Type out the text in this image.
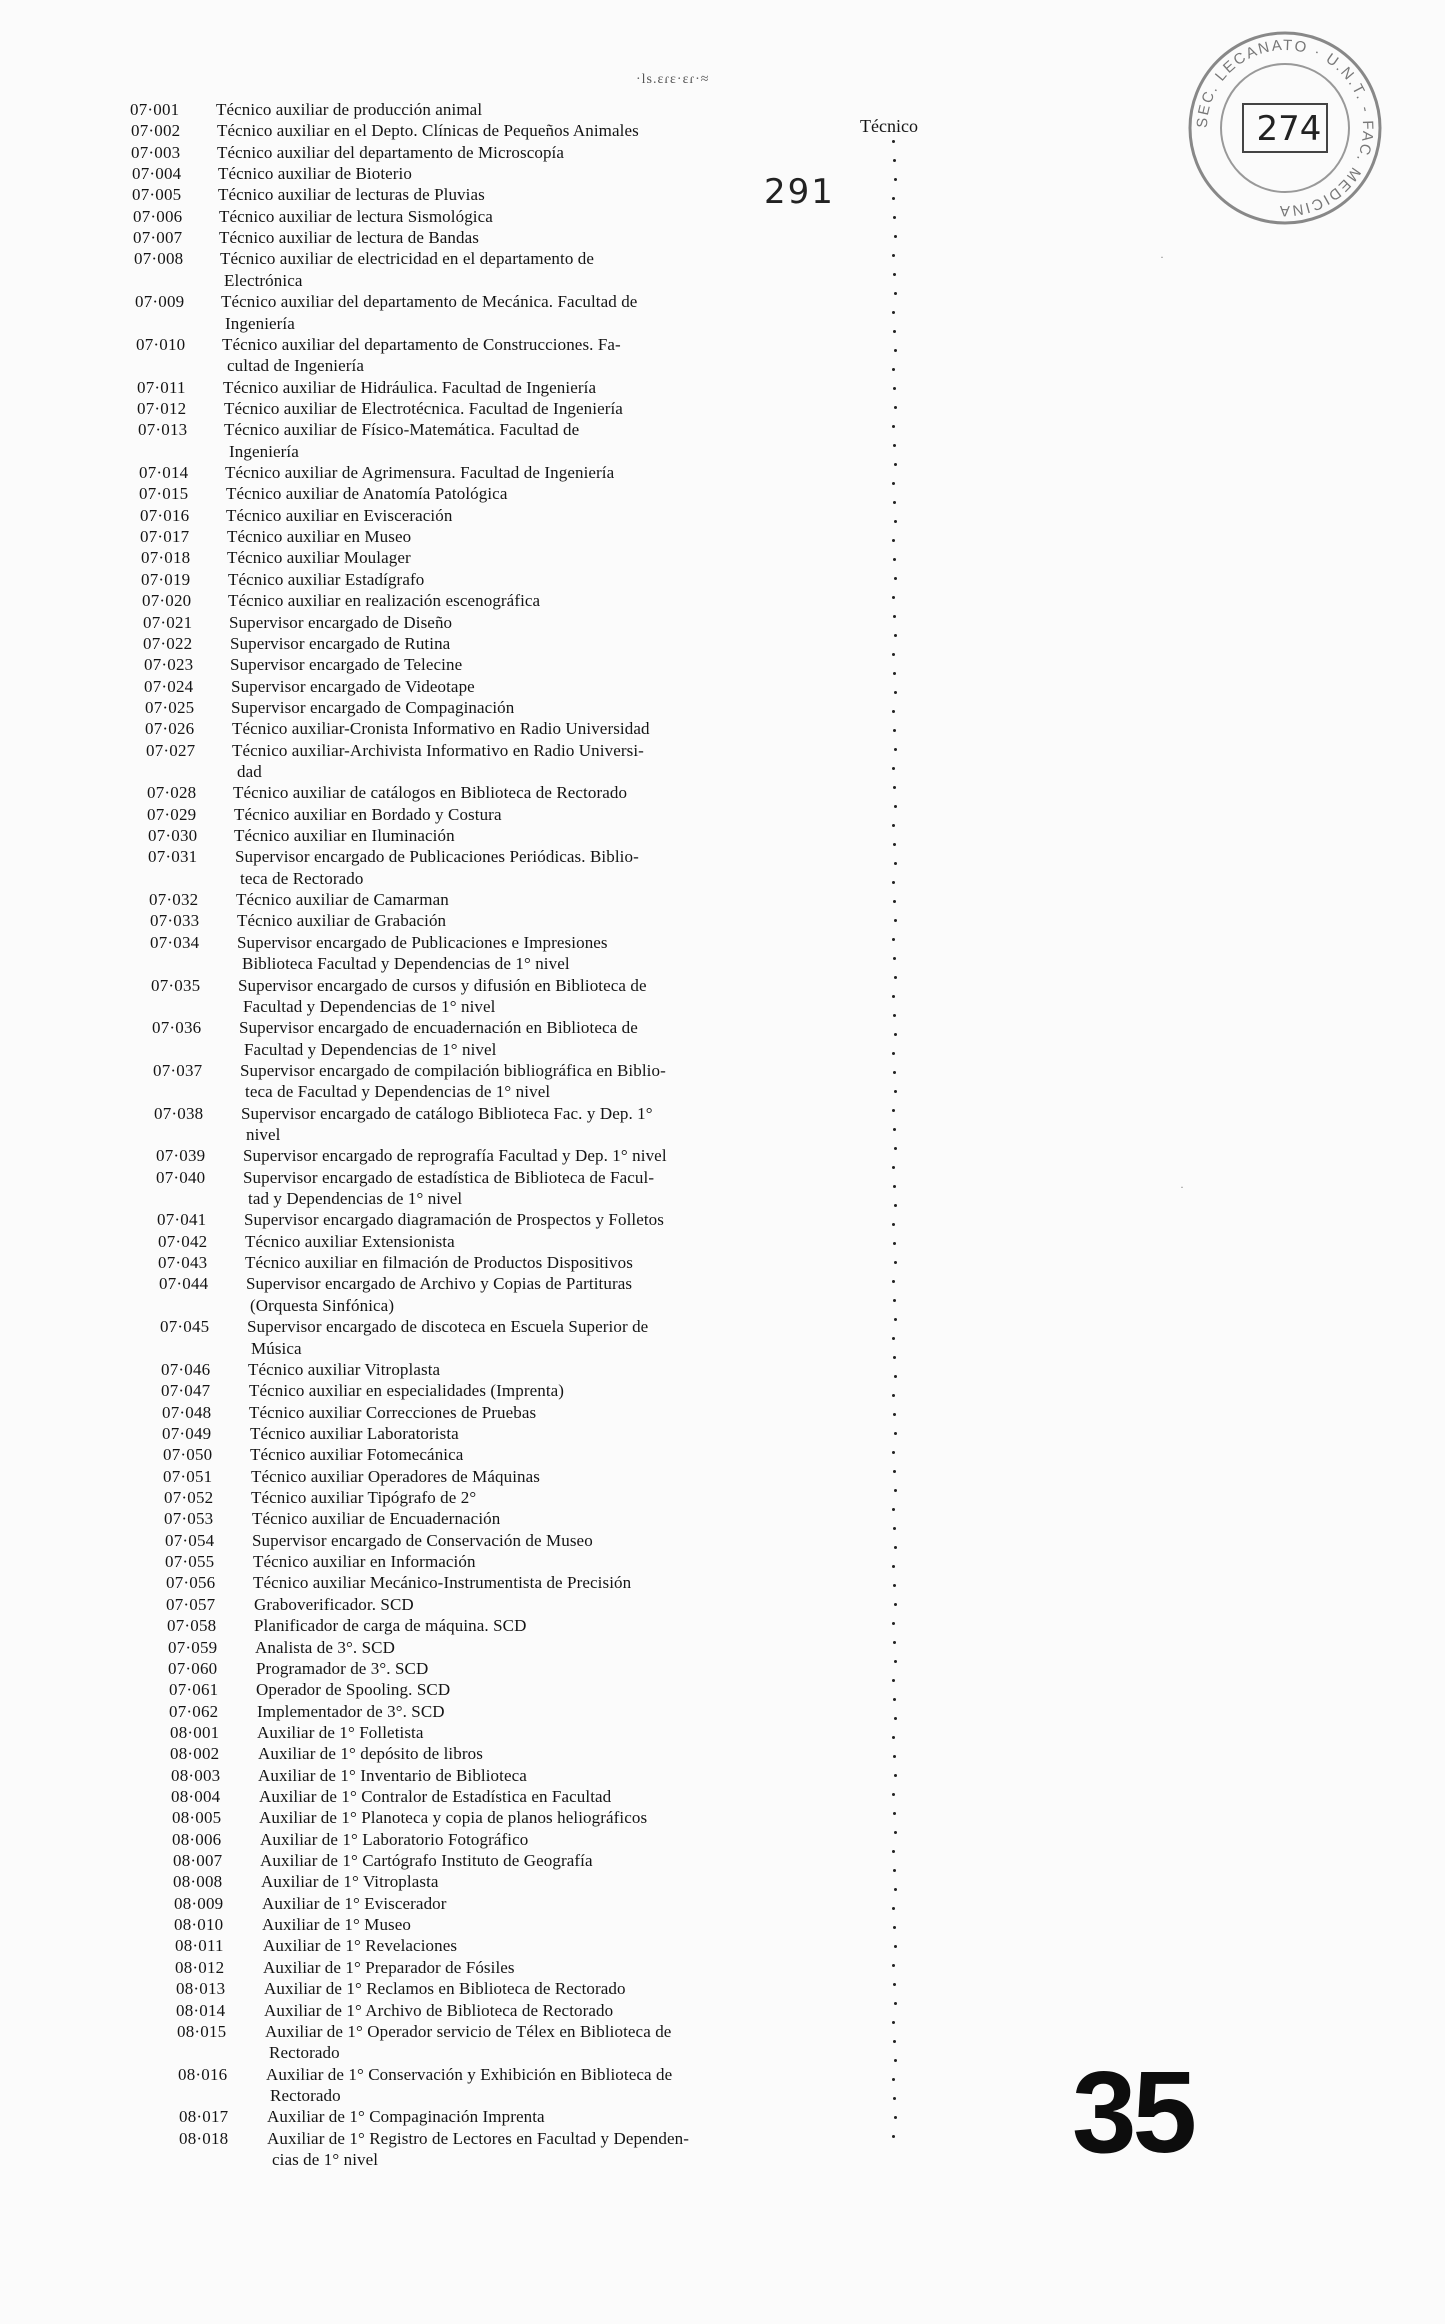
·ls.ɛɾɛ·ɛɾ·≈
Técnico	SEC. LECANATO · U.N.T. - FAC. MEDICINA
274
291
07·001 Técnico auxiliar de producción animal
07·002 Técnico auxiliar en el Depto. Clínicas de Pequeños Animales
07·003 Técnico auxiliar del departamento de Microscopía
07·004 Técnico auxiliar de Bioterio
07·005 Técnico auxiliar de lecturas de Pluvias
07·006 Técnico auxiliar de lectura Sismológica
07·007 Técnico auxiliar de lectura de Bandas
07·008 Técnico auxiliar de electricidad en el departamento de
Electrónica
07·009 Técnico auxiliar del departamento de Mecánica. Facultad de
Ingeniería
07·010 Técnico auxiliar del departamento de Construcciones. Fa-
cultad de Ingeniería
07·011 Técnico auxiliar de Hidráulica. Facultad de Ingeniería
07·012 Técnico auxiliar de Electrotécnica. Facultad de Ingeniería
07·013 Técnico auxiliar de Físico-Matemática. Facultad de
Ingeniería
07·014 Técnico auxiliar de Agrimensura. Facultad de Ingeniería
07·015 Técnico auxiliar de Anatomía Patológica
07·016 Técnico auxiliar en Evisceración
07·017 Técnico auxiliar en Museo
07·018 Técnico auxiliar Moulager
07·019 Técnico auxiliar Estadígrafo
07·020 Técnico auxiliar en realización escenográfica
07·021 Supervisor encargado de Diseño
07·022 Supervisor encargado de Rutina
07·023 Supervisor encargado de Telecine
07·024 Supervisor encargado de Videotape
07·025 Supervisor encargado de Compaginación
07·026 Técnico auxiliar-Cronista Informativo en Radio Universidad
07·027 Técnico auxiliar-Archivista Informativo en Radio Universi-
dad
07·028 Técnico auxiliar de catálogos en Biblioteca de Rectorado
07·029 Técnico auxiliar en Bordado y Costura
07·030 Técnico auxiliar en Iluminación
07·031 Supervisor encargado de Publicaciones Periódicas. Biblio-
teca de Rectorado
07·032 Técnico auxiliar de Camarman
07·033 Técnico auxiliar de Grabación
07·034 Supervisor encargado de Publicaciones e Impresiones
Biblioteca Facultad y Dependencias de 1° nivel
07·035 Supervisor encargado de cursos y difusión en Biblioteca de
Facultad y Dependencias de 1° nivel
07·036 Supervisor encargado de encuadernación en Biblioteca de
Facultad y Dependencias de 1° nivel
07·037 Supervisor encargado de compilación bibliográfica en Biblio-
teca de Facultad y Dependencias de 1° nivel
07·038 Supervisor encargado de catálogo Biblioteca Fac. y Dep. 1°
nivel
07·039 Supervisor encargado de reprografía Facultad y Dep. 1° nivel
07·040 Supervisor encargado de estadística de Biblioteca de Facul-
tad y Dependencias de 1° nivel
07·041 Supervisor encargado diagramación de Prospectos y Folletos
07·042 Técnico auxiliar Extensionista
07·043 Técnico auxiliar en filmación de Productos Dispositivos
07·044 Supervisor encargado de Archivo y Copias de Partituras
(Orquesta Sinfónica)
07·045 Supervisor encargado de discoteca en Escuela Superior de
Música
07·046 Técnico auxiliar Vitroplasta
07·047 Técnico auxiliar en especialidades (Imprenta)
07·048 Técnico auxiliar Correcciones de Pruebas
07·049 Técnico auxiliar Laboratorista
07·050 Técnico auxiliar Fotomecánica
07·051 Técnico auxiliar Operadores de Máquinas
07·052 Técnico auxiliar Tipógrafo de 2°
07·053 Técnico auxiliar de Encuadernación
07·054 Supervisor encargado de Conservación de Museo
07·055 Técnico auxiliar en Información
07·056 Técnico auxiliar Mecánico-Instrumentista de Precisión
07·057 Graboverificador. SCD
07·058 Planificador de carga de máquina. SCD
07·059 Analista de 3°. SCD
07·060 Programador de 3°. SCD
07·061 Operador de Spooling. SCD
07·062 Implementador de 3°. SCD
08·001 Auxiliar de 1° Folletista
08·002 Auxiliar de 1° depósito de libros
08·003 Auxiliar de 1° Inventario de Biblioteca
08·004 Auxiliar de 1° Contralor de Estadística en Facultad
08·005 Auxiliar de 1° Planoteca y copia de planos heliográficos
08·006 Auxiliar de 1° Laboratorio Fotográfico
08·007 Auxiliar de 1° Cartógrafo Instituto de Geografía
08·008 Auxiliar de 1° Vitroplasta
08·009 Auxiliar de 1° Eviscerador
08·010 Auxiliar de 1° Museo
08·011 Auxiliar de 1° Revelaciones
08·012 Auxiliar de 1° Preparador de Fósiles
08·013 Auxiliar de 1° Reclamos en Biblioteca de Rectorado
08·014 Auxiliar de 1° Archivo de Biblioteca de Rectorado
08·015 Auxiliar de 1° Operador servicio de Télex en Biblioteca de
Rectorado
08·016 Auxiliar de 1° Conservación y Exhibición en Biblioteca de
Rectorado
08·017 Auxiliar de 1° Compaginación Imprenta
08·018 Auxiliar de 1° Registro de Lectores en Facultad y Dependen-
cias de 1° nivel
·
·
35
